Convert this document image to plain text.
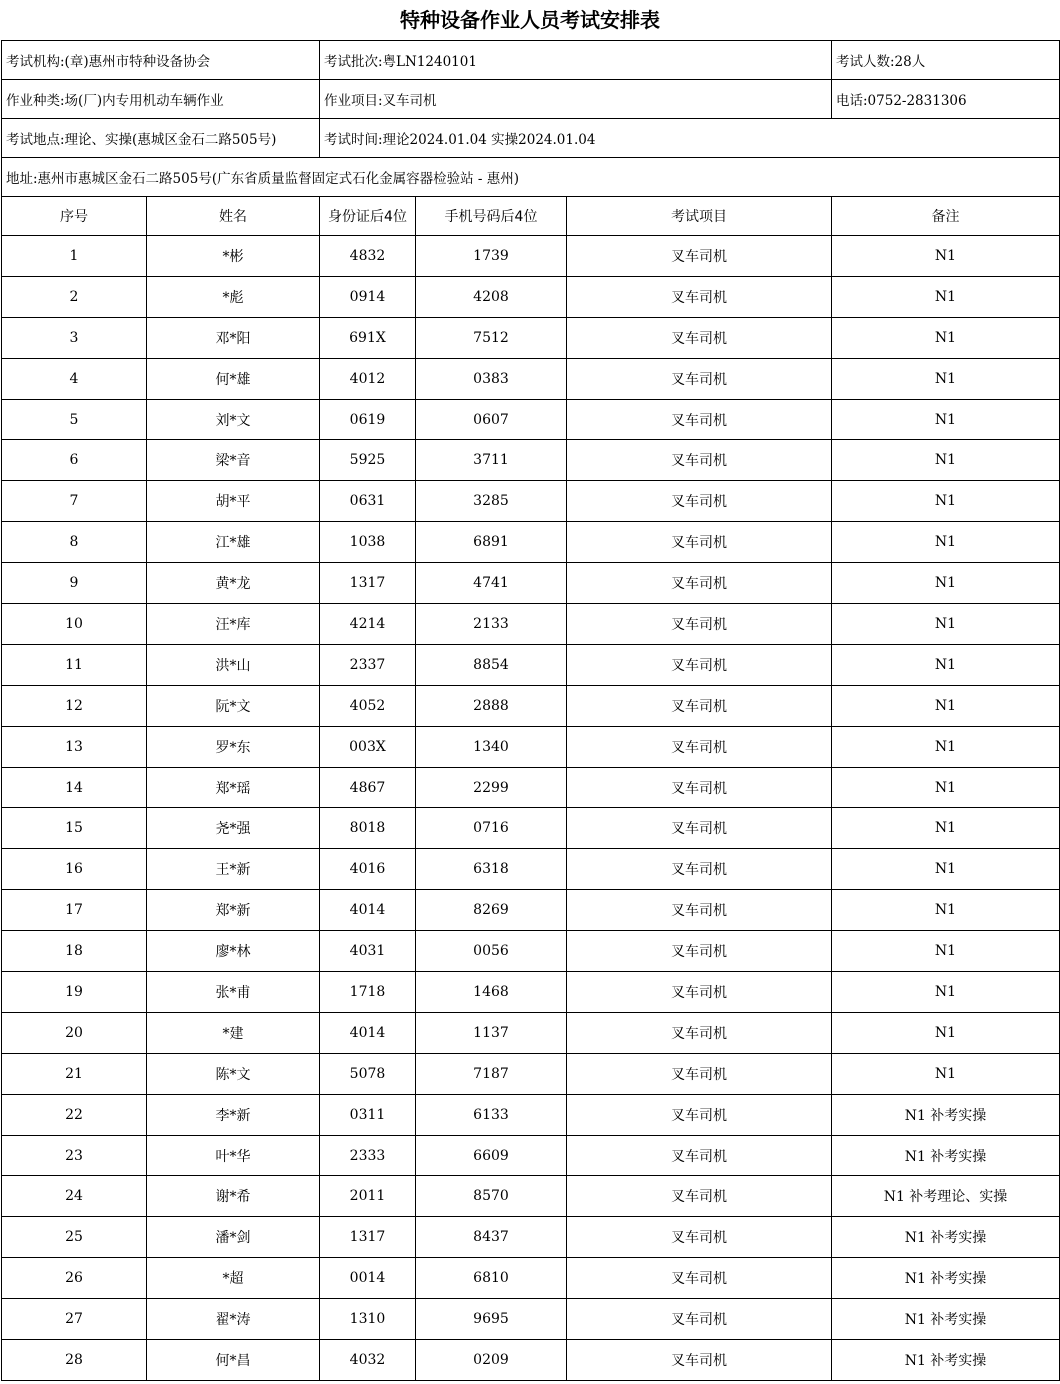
特种设备作业人员考试安排表
考试机构:(章)惠州市特种设备协会		考试批次:粤LN1240101			考试人数:28人
作业种类:场(厂)内专用机动车辆作业		作业项目:叉车司机			电话:0752-2831306
考试地点:理论、实操(惠城区金石二路505号)		考试时间:理论2024.01.04 实操2024.01.04			
地址:惠州市惠城区金石二路505号(广东省质量监督固定式石化金属容器检验站 - 惠州)					
序号	姓名	身份证后4位	手机号码后4位	考试项目	备注
1	*彬	4832	1739	叉车司机	N1
2	*彪	0914	4208	叉车司机	N1
3	邓*阳	691X	7512	叉车司机	N1
4	何*雄	4012	0383	叉车司机	N1
5	刘*文	0619	0607	叉车司机	N1
6	梁*音	5925	3711	叉车司机	N1
7	胡*平	0631	3285	叉车司机	N1
8	江*雄	1038	6891	叉车司机	N1
9	黄*龙	1317	4741	叉车司机	N1
10	汪*库	4214	2133	叉车司机	N1
11	洪*山	2337	8854	叉车司机	N1
12	阮*文	4052	2888	叉车司机	N1
13	罗*东	003X	1340	叉车司机	N1
14	郑*瑶	4867	2299	叉车司机	N1
15	尧*强	8018	0716	叉车司机	N1
16	王*新	4016	6318	叉车司机	N1
17	郑*新	4014	8269	叉车司机	N1
18	廖*林	4031	0056	叉车司机	N1
19	张*甫	1718	1468	叉车司机	N1
20	*建	4014	1137	叉车司机	N1
21	陈*文	5078	7187	叉车司机	N1
22	李*新	0311	6133	叉车司机	N1 补考实操
23	叶*华	2333	6609	叉车司机	N1 补考实操
24	谢*希	2011	8570	叉车司机	N1 补考理论、实操
25	潘*剑	1317	8437	叉车司机	N1 补考实操
26	*超	0014	6810	叉车司机	N1 补考实操
27	翟*涛	1310	9695	叉车司机	N1 补考实操
28	何*昌	4032	0209	叉车司机	N1 补考实操
